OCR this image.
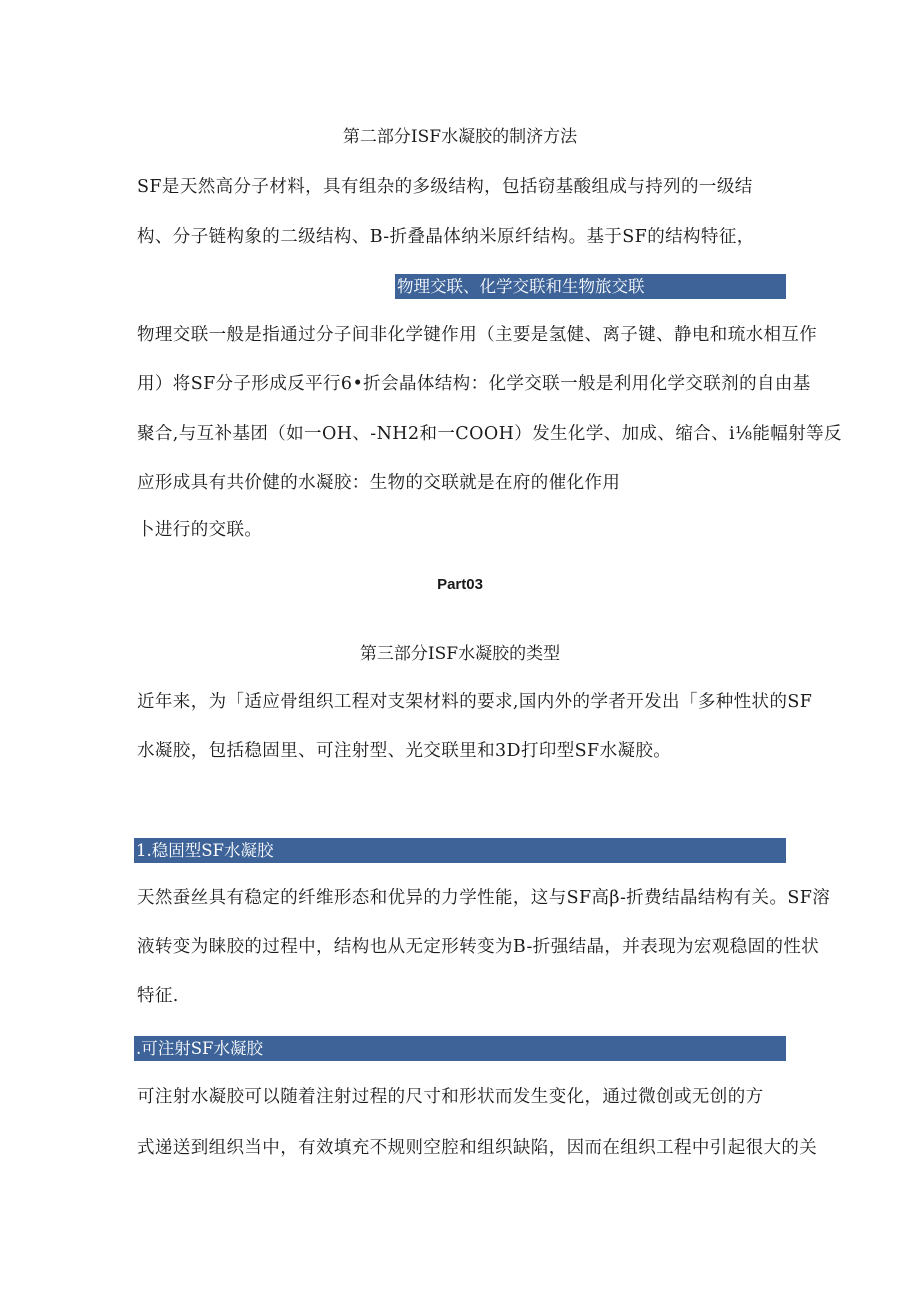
第二部分ISF水凝胶的制济方法
SF是天然高分子材料，具有组杂的多级结构，包括窃基酸组成与持列的一级结
构、分子链构象的二级结构、B-折叠晶体纳米原纤结构。基于SF的结构特征，
物理交联、化学交联和生物旅交联
物理交联一般是指通过分子间非化学键作用（主要是氢健、离子键、静电和琉水相互作
用）将SF分子形成反平行6•折会晶体结构：化学交联一般是利用化学交联剂的自由基
聚合,与互补基团（如一OH、-NH2和一COOH）发生化学、加成、缩合、i⅛能幅射等反
应形成具有共价健的水凝胶：生物的交联就是在府的催化作用
卜进行的交联。
Part03
第三部分ISF水凝胶的类型
近年来，为「适应骨组织工程对支架材料的要求,国内外的学者开发出「多种性状的SF
水凝胶，包括稳固里、可注射型、光交联里和3D打印型SF水凝胶。
1.稳固型SF水凝胶
天然蚕丝具有稳定的纤维形态和优异的力学性能，这与SF高β-折费结晶结构有关。SF溶
液转变为睐胶的过程中，结构也从无定形转变为B-折强结晶，并表现为宏观稳固的性状
特征.
.可注射SF水凝胶
可注射水凝胶可以随着注射过程的尺寸和形状而发生变化，通过微创或无创的方
式递送到组织当中，有效填充不规则空腔和组织缺陷，因而在组织工程中引起很大的关
